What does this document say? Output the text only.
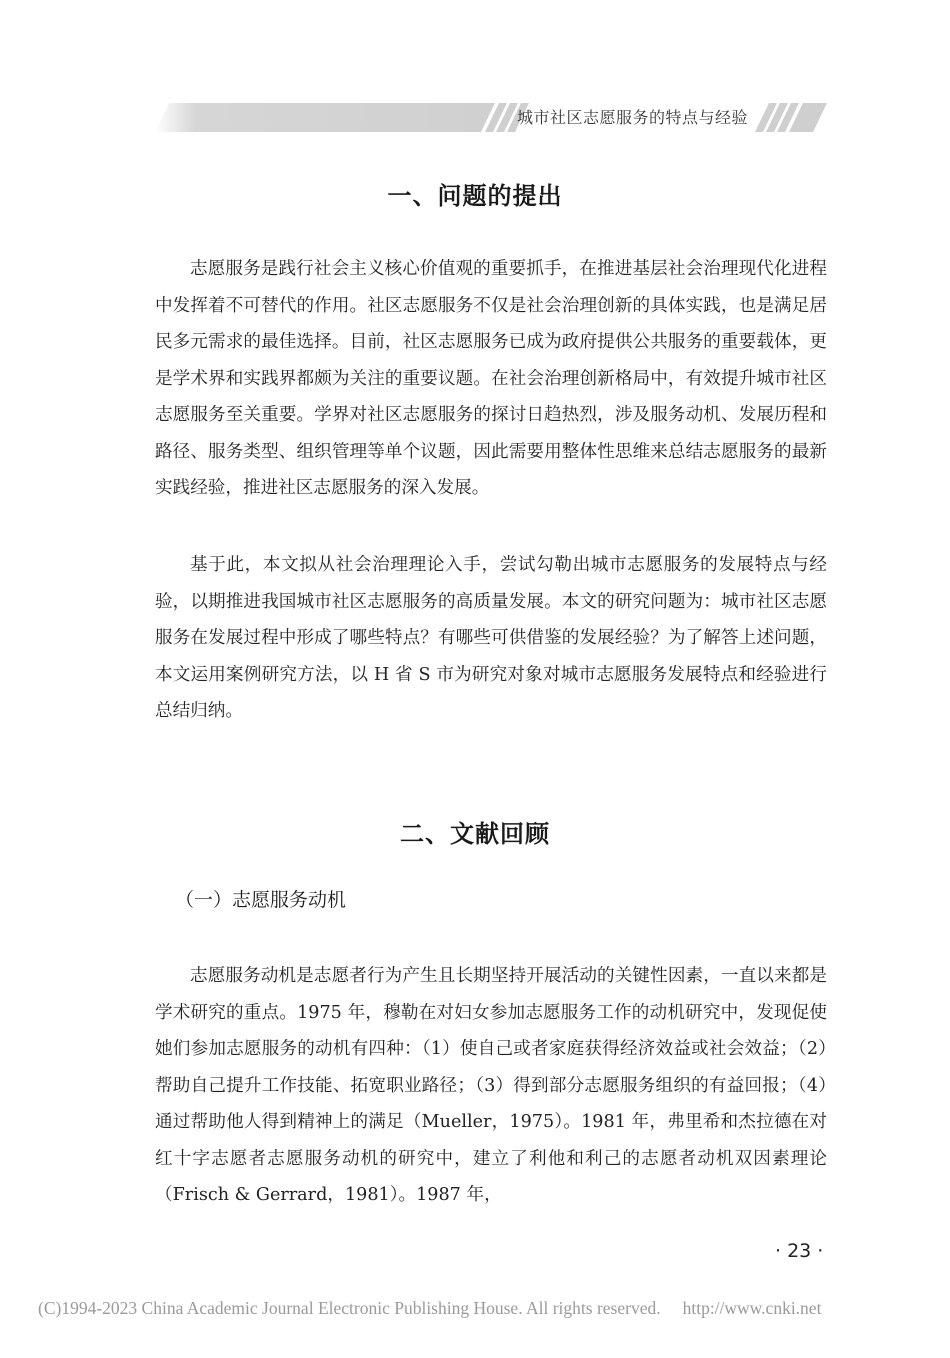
城市社区志愿服务的特点与经验
一、问题的提出

志愿服务是践行社会主义核心价值观的重要抓手，在推进基层社会治理现代化进程中发挥着不可替代的作用。社区志愿服务不仅是社会治理创新的具体实践，也是满足居民多元需求的最佳选择。目前，社区志愿服务已成为政府提供公共服务的重要载体，更是学术界和实践界都颇为关注的重要议题。在社会治理创新格局中，有效提升城市社区志愿服务至关重要。学界对社区志愿服务的探讨日趋热烈，涉及服务动机、发展历程和路径、服务类型、组织管理等单个议题，因此需要用整体性思维来总结志愿服务的最新实践经验，推进社区志愿服务的深入发展。

基于此，本文拟从社会治理理论入手，尝试勾勒出城市志愿服务的发展特点与经验，以期推进我国城市社区志愿服务的高质量发展。本文的研究问题为：城市社区志愿服务在发展过程中形成了哪些特点？有哪些可供借鉴的发展经验？为了解答上述问题，本文运用案例研究方法，以 H 省 S 市为研究对象对城市志愿服务发展特点和经验进行总结归纳。

二、文献回顾
（一）志愿服务动机

志愿服务动机是志愿者行为产生且长期坚持开展活动的关键性因素，一直以来都是学术研究的重点。1975 年，穆勒在对妇女参加志愿服务工作的动机研究中，发现促使她们参加志愿服务的动机有四种：（1）使自己或者家庭获得经济效益或社会效益；（2）帮助自己提升工作技能、拓宽职业路径；（3）得到部分志愿服务组织的有益回报；（4）通过帮助他人得到精神上的满足（Mueller，1975）。1981 年，弗里希和杰拉德在对红十字志愿者志愿服务动机的研究中，建立了利他和利己的志愿者动机双因素理论（Frisch & Gerrard，1981）。1987 年，

· 23 ·
(C)1994-2023 China Academic Journal Electronic Publishing House. All rights reserved. http://www.cnki.net
